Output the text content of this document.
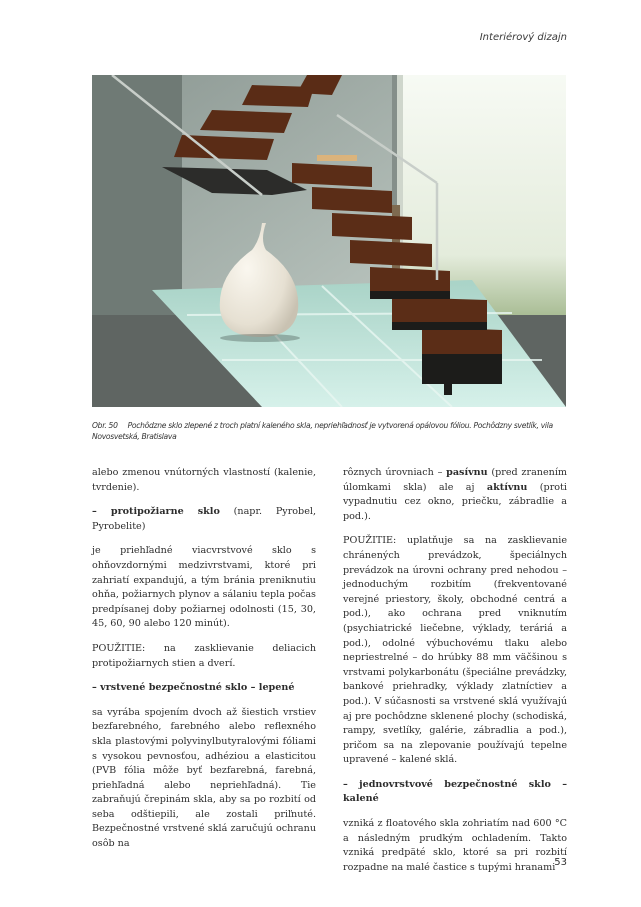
Interiérový dizajn
Obr. 50 Pochôdzne sklo zlepené z troch platní kaleného skla, nepriehľadnosť je vytvorená opálovou fóliou. Pochôdzny svetlík, vila Novosvetská, Bratislava

alebo zmenou vnútorných vlastností (kalenie, tvrdenie).

– protipožiarne sklo (napr. Pyrobel, Pyrobelite)

je priehľadné viacvrstvové sklo s ohňovzdornými medzivrstvami, ktoré pri zahriatí expandujú, a tým bránia preniknutiu ohňa, požiarnych plynov a sálaniu tepla počas predpísanej doby požiarnej odolnosti (15, 30, 45, 60, 90 alebo 120 minút).

POUŽITIE: na zasklievanie deliacich protipožiarnych stien a dverí.

– vrstvené bezpečnostné sklo – lepené

sa vyrába spojením dvoch až šiestich vrstiev bezfarebného, farebného alebo reflexného skla plastovými polyvinylbutyralovými fóliami s vysokou pevnosťou, adhéziou a elasticitou (PVB fólia môže byť bezfarebná, farebná, priehľadná alebo nepriehľadná). Tie zabraňujú črepinám skla, aby sa po rozbití od seba odštiepili, ale zostali priľnuté. Bezpečnostné vrstvené sklá zaručujú ochranu osôb na

rôznych úrovniach – pasívnu (pred zranením úlomkami skla) ale aj aktívnu (proti vypadnutiu cez okno, priečku, zábradlie a pod.).

POUŽITIE: uplatňuje sa na zasklievanie chránených prevádzok, špeciálnych prevádzok na úrovni ochrany pred nehodou – jednoduchým rozbitím (frekventované verejné priestory, školy, obchodné centrá a pod.), ako ochrana pred vniknutím (psychiatrické liečebne, výklady, teráriá a pod.), odolné výbuchovému tlaku alebo nepriestrelné – do hrúbky 88 mm väčšinou s vrstvami polykarbonátu (špeciálne prevádzky, bankové priehradky, výklady zlatníctiev a pod.). V súčasnosti sa vrstvené sklá využívajú aj pre pochôdzne sklenené plochy (schodiská, rampy, svetlíky, galérie, zábradlia a pod.), pričom sa na zlepovanie používajú tepelne upravené – kalené sklá.

– jednovrstvové bezpečnostné sklo – kalené

vzniká z floatového skla zohriatím nad 600 °C a následným prudkým ochladením. Takto vzniká predpäté sklo, ktoré sa pri rozbití rozpadne na malé častice s tupými hranami 53
